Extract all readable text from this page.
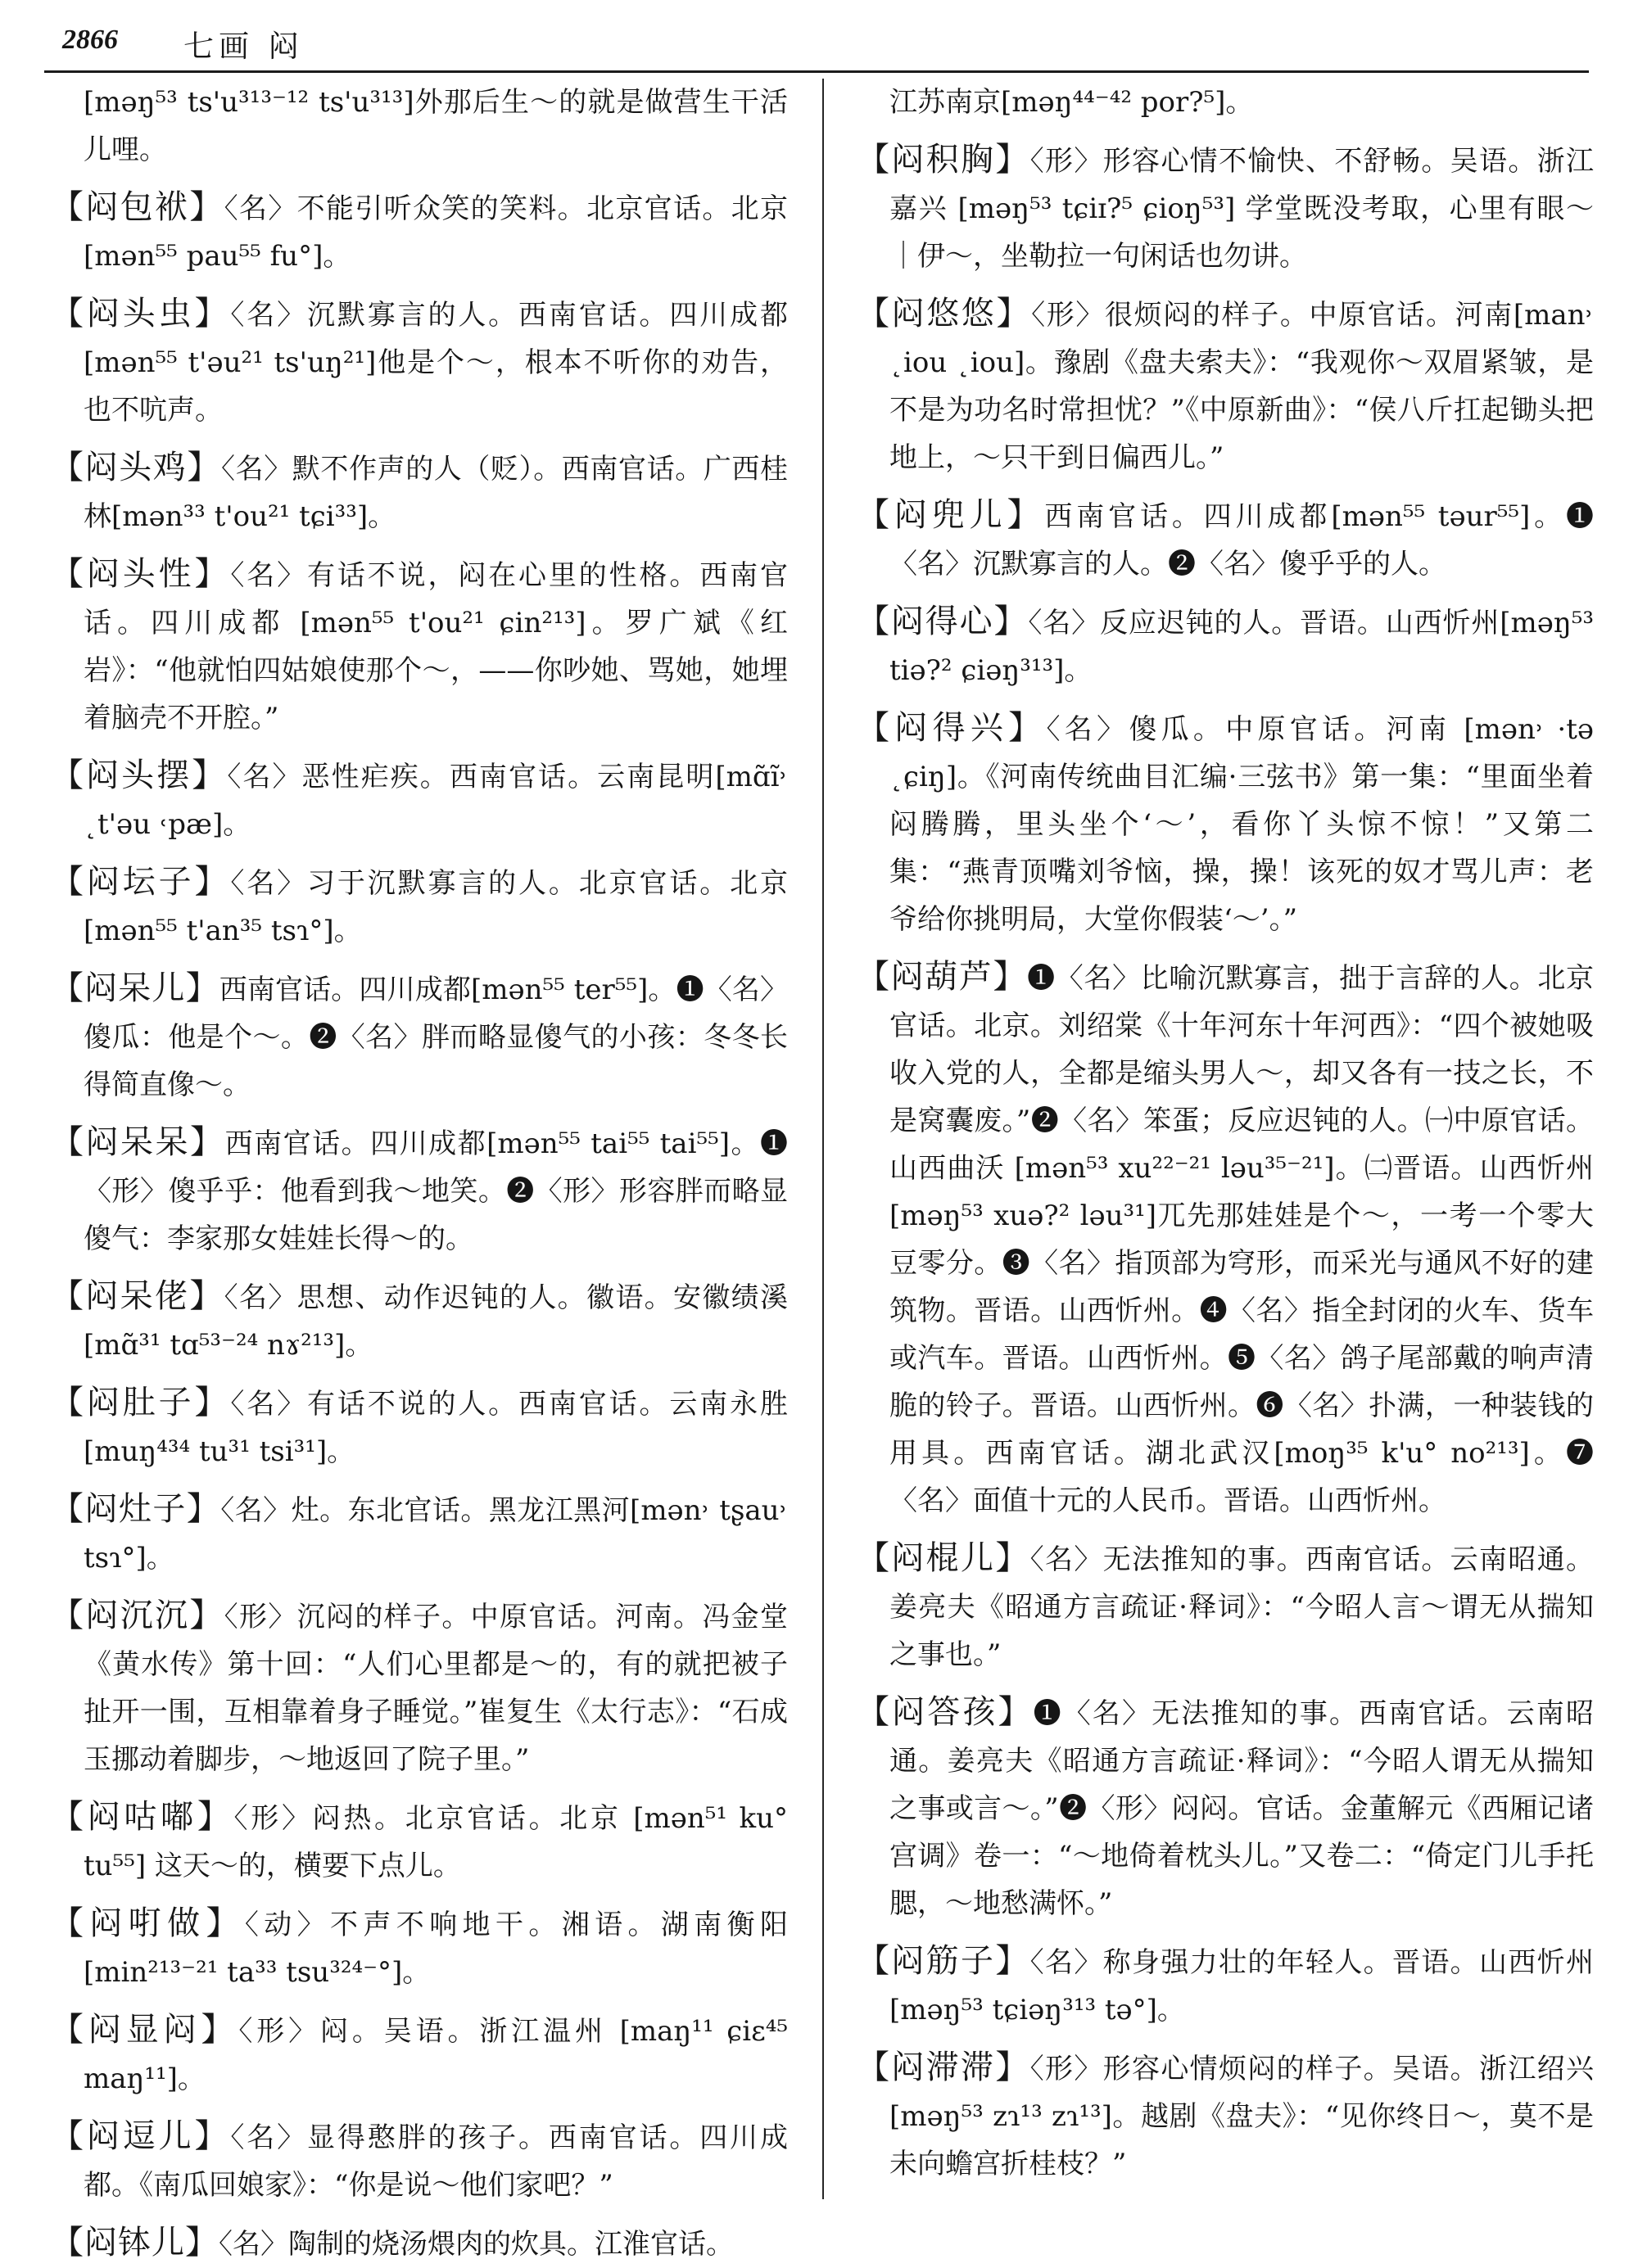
2866 七画 闷
[məŋ⁵³ ts'u³¹³⁻¹² ts'u³¹³]外那后生～的就是做营生干活儿哩。
【闷包袱】〈名〉不能引听众笑的笑料。北京官话。北京[mən⁵⁵ pau⁵⁵ fu°]。
【闷头虫】〈名〉沉默寡言的人。西南官话。四川成都[mən⁵⁵ t'əu²¹ ts'uŋ²¹]他是个～，根本不听你的劝告，也不吭声。
【闷头鸡】〈名〉默不作声的人（贬）。西南官话。广西桂林[mən³³ t'ou²¹ tɕi³³]。
【闷头性】〈名〉有话不说，闷在心里的性格。西南官话。四川成都 [mən⁵⁵ t'ou²¹ ɕin²¹³]。罗广斌《红岩》：“他就怕四姑娘使那个～，——你吵她、骂她，她埋着脑壳不开腔。”
【闷头摆】〈名〉恶性疟疾。西南官话。云南昆明[mɑ̃ĩ˒ ˛t'əu ˓pæ]。
【闷坛子】〈名〉习于沉默寡言的人。北京官话。北京[mən⁵⁵ t'an³⁵ tsɿ°]。
【闷呆儿】西南官话。四川成都[mən⁵⁵ ter⁵⁵]。❶〈名〉傻瓜：他是个～。❷〈名〉胖而略显傻气的小孩：冬冬长得简直像～。
【闷呆呆】西南官话。四川成都[mən⁵⁵ tai⁵⁵ tai⁵⁵]。❶〈形〉傻乎乎：他看到我～地笑。❷〈形〉形容胖而略显傻气：李家那女娃娃长得～的。
【闷呆佬】〈名〉思想、动作迟钝的人。徽语。安徽绩溪[mɑ̃³¹ tɑ⁵³⁻²⁴ nɤ²¹³]。
【闷肚子】〈名〉有话不说的人。西南官话。云南永胜[muŋ⁴³⁴ tu³¹ tsi³¹]。
【闷灶子】〈名〉灶。东北官话。黑龙江黑河[mən˒ tʂau˒ tsɿ°]。
【闷沉沉】〈形〉沉闷的样子。中原官话。河南。冯金堂《黄水传》第十回：“人们心里都是～的，有的就把被子扯开一围，互相靠着身子睡觉。”崔复生《太行志》：“石成玉挪动着脚步，～地返回了院子里。”
【闷咕嘟】〈形〉闷热。北京官话。北京 [mən⁵¹ ku° tu⁵⁵] 这天～的，横要下点儿。
【闷咑做】〈动〉不声不响地干。湘语。湖南衡阳 [min²¹³⁻²¹ ta³³ tsu³²⁴⁻°]。
【闷显闷】〈形〉闷。吴语。浙江温州 [maŋ¹¹ ɕiɛ⁴⁵ maŋ¹¹]。
【闷逗儿】〈名〉显得憨胖的孩子。西南官话。四川成都。《南瓜回娘家》：“你是说～他们家吧？”
【闷钵儿】〈名〉陶制的烧汤煨肉的炊具。江淮官话。
江苏南京[məŋ⁴⁴⁻⁴² por?⁵]。
【闷积胸】〈形〉形容心情不愉快、不舒畅。吴语。浙江嘉兴 [məŋ⁵³ tɕiɪ?⁵ ɕioŋ⁵³] 学堂既没考取，心里有眼～｜伊～，坐勒拉一句闲话也勿讲。
【闷悠悠】〈形〉很烦闷的样子。中原官话。河南[man˒ ˛iou ˛iou]。豫剧《盘夫索夫》：“我观你～双眉紧皱，是不是为功名时常担忧？”《中原新曲》：“侯八斤扛起锄头把地上，～只干到日偏西儿。”
【闷兜儿】西南官话。四川成都[mən⁵⁵ təur⁵⁵]。❶〈名〉沉默寡言的人。❷〈名〉傻乎乎的人。
【闷得心】〈名〉反应迟钝的人。晋语。山西忻州[məŋ⁵³ tiə?² ɕiəŋ³¹³]。
【闷得兴】〈名〉傻瓜。中原官话。河南 [mən˒ ·tə ˛ɕiŋ]。《河南传统曲目汇编·三弦书》第一集：“里面坐着闷腾腾，里头坐个‘～’，看你丫头惊不惊！”又第二集：“燕青顶嘴刘爷恼，操，操！该死的奴才骂儿声：老爷给你挑明局，大堂你假装‘～’。”
【闷葫芦】❶〈名〉比喻沉默寡言，拙于言辞的人。北京官话。北京。刘绍棠《十年河东十年河西》：“四个被她吸收入党的人，全都是缩头男人～，却又各有一技之长，不是窝囊废。”❷〈名〉笨蛋；反应迟钝的人。㈠中原官话。山西曲沃 [mən⁵³ xu²²⁻²¹ ləu³⁵⁻²¹]。㈡晋语。山西忻州 [məŋ⁵³ xuə?² ləu³¹]兀先那娃娃是个～，一考一个零大豆零分。❸〈名〉指顶部为穹形，而采光与通风不好的建筑物。晋语。山西忻州。❹〈名〉指全封闭的火车、货车或汽车。晋语。山西忻州。❺〈名〉鸽子尾部戴的响声清脆的铃子。晋语。山西忻州。❻〈名〉扑满，一种装钱的用具。西南官话。湖北武汉[moŋ³⁵ k'u° no²¹³]。❼〈名〉面值十元的人民币。晋语。山西忻州。
【闷棍儿】〈名〉无法推知的事。西南官话。云南昭通。姜亮夫《昭通方言疏证·释词》：“今昭人言～谓无从揣知之事也。”
【闷答孩】❶〈名〉无法推知的事。西南官话。云南昭通。姜亮夫《昭通方言疏证·释词》：“今昭人谓无从揣知之事或言～。”❷〈形〉闷闷。官话。金董解元《西厢记诸宫调》卷一：“～地倚着枕头儿。”又卷二：“倚定门儿手托腮，～地愁满怀。”
【闷筋子】〈名〉称身强力壮的年轻人。晋语。山西忻州[məŋ⁵³ tɕiəŋ³¹³ tə°]。
【闷滞滞】〈形〉形容心情烦闷的样子。吴语。浙江绍兴 [məŋ⁵³ zɿ¹³ zɿ¹³]。越剧《盘夫》：“见你终日～，莫不是未向蟾宫折桂枝？”
